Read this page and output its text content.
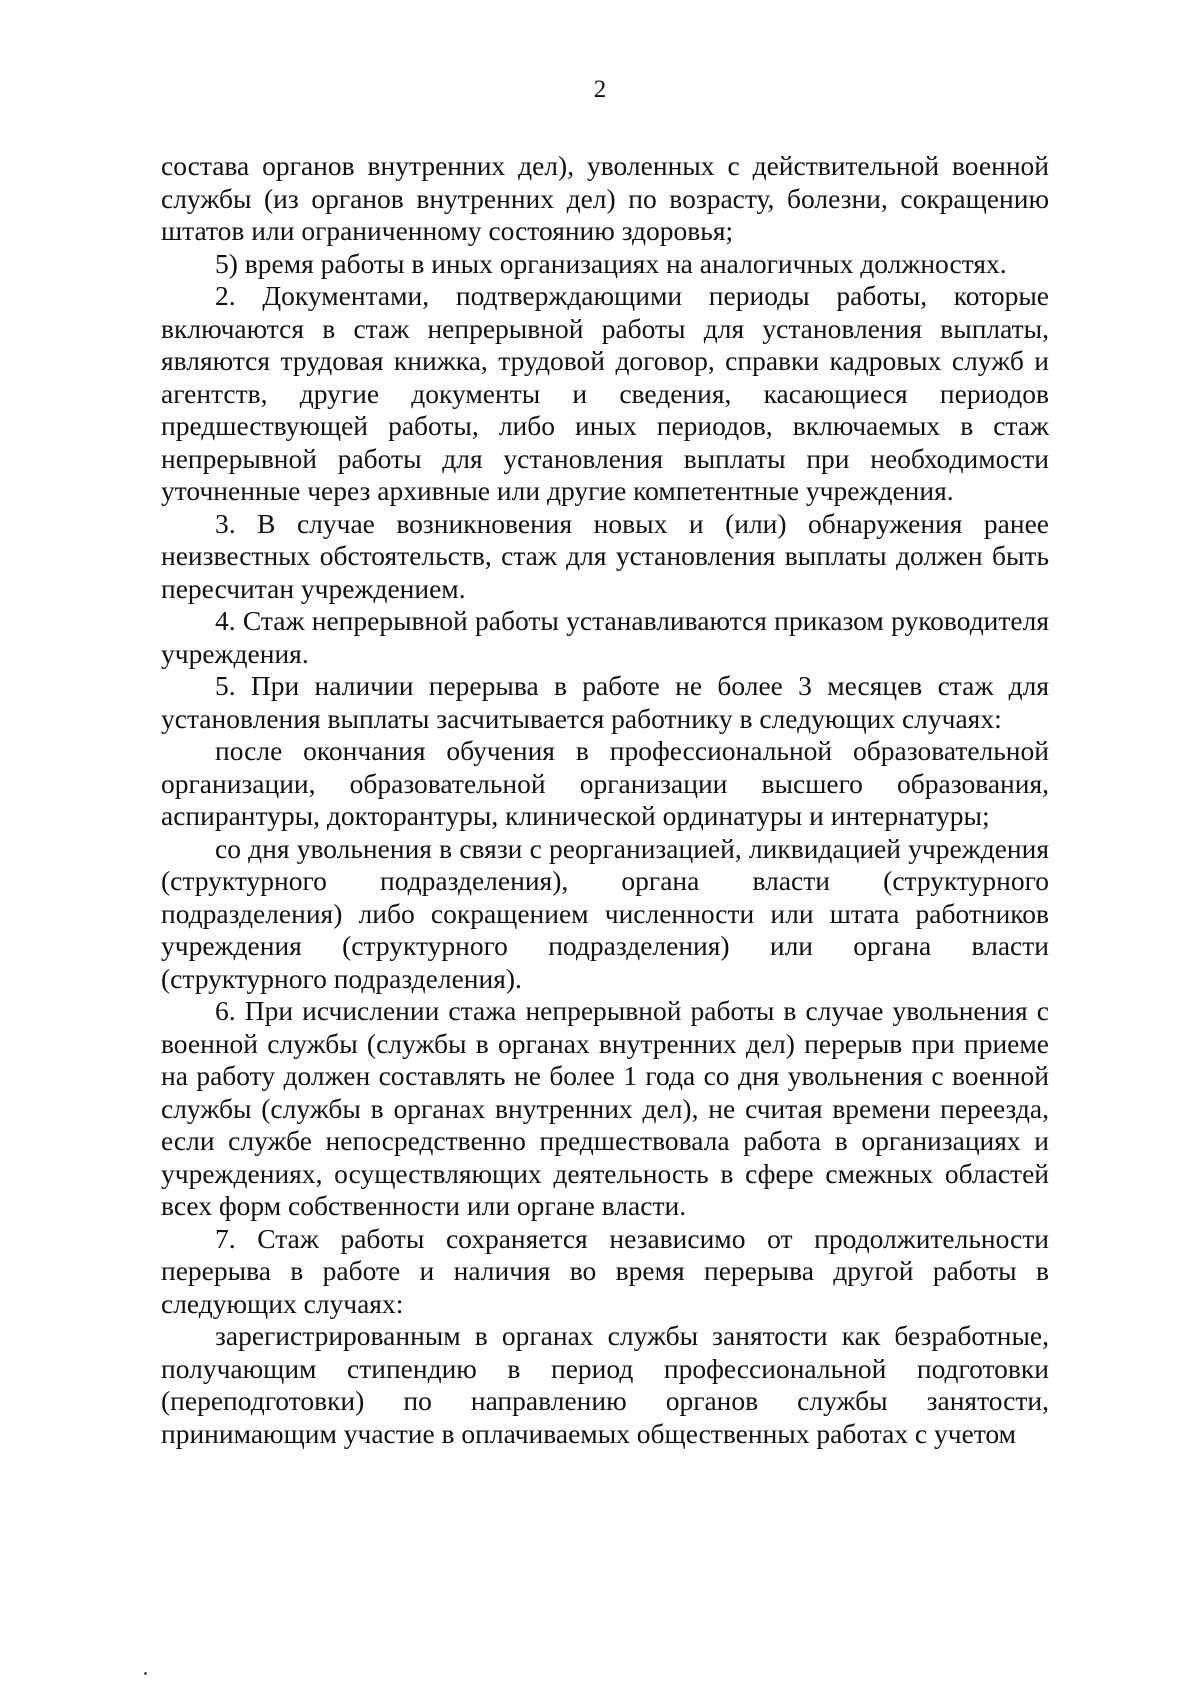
2

состава органов внутренних дел), уволенных с действительной военной службы (из органов внутренних дел) по возрасту, болезни, сокращению штатов или ограниченному состоянию здоровья;

5) время работы в иных организациях на аналогичных должностях.

2. Документами, подтверждающими периоды работы, которые включаются в стаж непрерывной работы для установления выплаты, являются трудовая книжка, трудовой договор, справки кадровых служб и агентств, другие документы и сведения, касающиеся периодов предшествующей работы, либо иных периодов, включаемых в стаж непрерывной работы для установления выплаты при необходимости уточненные через архивные или другие компетентные учреждения.

3. В случае возникновения новых и (или) обнаружения ранее неизвестных обстоятельств, стаж для установления выплаты должен быть пересчитан учреждением.

4. Стаж непрерывной работы устанавливаются приказом руководителя учреждения.

5. При наличии перерыва в работе не более 3 месяцев стаж для установления выплаты засчитывается работнику в следующих случаях:

после окончания обучения в профессиональной образовательной организации, образовательной организации высшего образования, аспирантуры, докторантуры, клинической ординатуры и интернатуры;

со дня увольнения в связи с реорганизацией, ликвидацией учреждения (структурного подразделения), органа власти (структурного подразделения) либо сокращением численности или штата работников учреждения (структурного подразделения) или органа власти (структурного подразделения).

6. При исчислении стажа непрерывной работы в случае увольнения с военной службы (службы в органах внутренних дел) перерыв при приеме на работу должен составлять не более 1 года со дня увольнения с военной службы (службы в органах внутренних дел), не считая времени переезда, если службе непосредственно предшествовала работа в организациях и учреждениях, осуществляющих деятельность в сфере смежных областей всех форм собственности или органе власти.

7. Стаж работы сохраняется независимо от продолжительности перерыва в работе и наличия во время перерыва другой работы в следующих случаях:

зарегистрированным в органах службы занятости как безработные, получающим стипендию в период профессиональной подготовки (переподготовки) по направлению органов службы занятости, принимающим участие в оплачиваемых общественных работах с учетом
